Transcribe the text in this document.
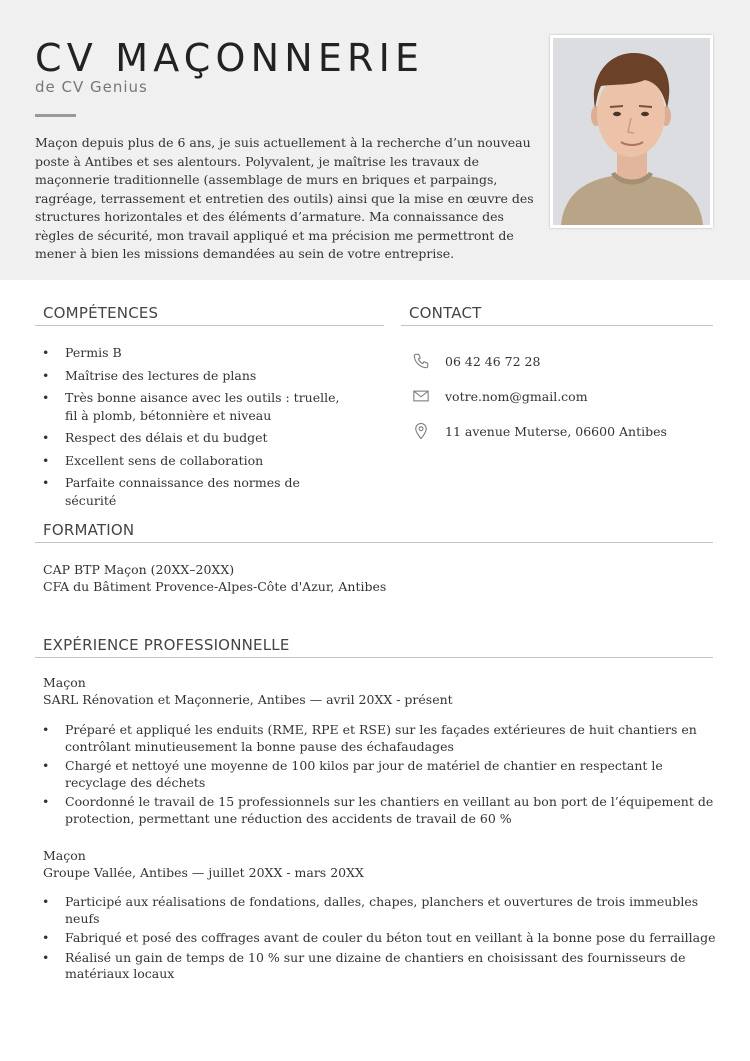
CV MAÇONNERIE
de CV Genius

Maçon depuis plus de 6 ans, je suis actuellement à la recherche d’un nouveau poste à Antibes et ses alentours. Polyvalent, je maîtrise les travaux de maçonnerie traditionnelle (assemblage de murs en briques et parpaings, ragréage, terrassement et entretien des outils) ainsi que la mise en œuvre des structures horizontales et des éléments d’armature. Ma connaissance des règles de sécurité, mon travail appliqué et ma précision me permettront de mener à bien les missions demandées au sein de votre entreprise.

COMPÉTENCES
• Permis B
• Maîtrise des lectures de plans
• Très bonne aisance avec les outils : truelle, fil à plomb, bétonnière et niveau
• Respect des délais et du budget
• Excellent sens de collaboration
• Parfaite connaissance des normes de sécurité
CONTACT
06 42 46 72 28
votre.nom@gmail.com
11 avenue Muterse, 06600 Antibes
FORMATION
CAP BTP Maçon (20XX–20XX)
CFA du Bâtiment Provence-Alpes-Côte d'Azur, Antibes
EXPÉRIENCE PROFESSIONNELLE
Maçon
SARL Rénovation et Maçonnerie, Antibes — avril 20XX - présent
• Préparé et appliqué les enduits (RME, RPE et RSE) sur les façades extérieures de huit chantiers en contrôlant minutieusement la bonne pause des échafaudages
• Chargé et nettoyé une moyenne de 100 kilos par jour de matériel de chantier en respectant le recyclage des déchets
• Coordonné le travail de 15 professionnels sur les chantiers en veillant au bon port de l’équipement de protection, permettant une réduction des accidents de travail de 60 %
Maçon
Groupe Vallée, Antibes — juillet 20XX - mars 20XX
• Participé aux réalisations de fondations, dalles, chapes, planchers et ouvertures de trois immeubles neufs
• Fabriqué et posé des coffrages avant de couler du béton tout en veillant à la bonne pose du ferraillage
• Réalisé un gain de temps de 10 % sur une dizaine de chantiers en choisissant des fournisseurs de matériaux locaux
